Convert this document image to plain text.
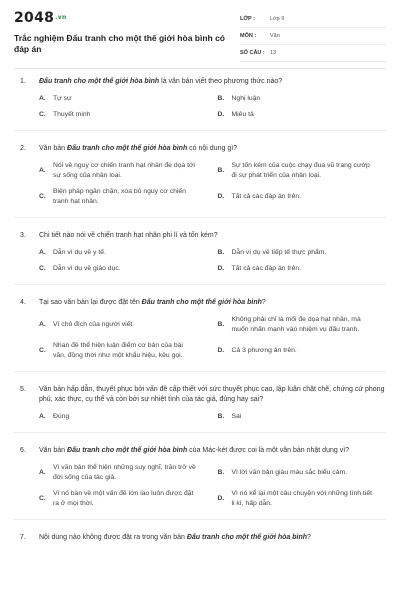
2048.vn
Trắc nghiệm Đấu tranh cho một thế giới hòa bình có đáp án
LỚP :	Lớp 9
MÔN :	Văn
SỐ CÂU : 13
1.	Đấu tranh cho một thế giới hòa bình là văn bản viết theo phương thức nào?
A.	Tự sự	B.	Nghị luận
C.	Thuyết minh	D.	Miêu tả
2.	Văn bản Đấu tranh cho một thế giới hòa bình có nội dung gì?
A.
Nói về nguy cơ chiến tranh hạt nhân đe dọa tới sự sống của nhân loại.
B.
Sự tốn kém của cuộc chạy đua vũ trang cướp đi sự phát triển của nhân loại.
C.
Biện pháp ngăn chặn, xóa bỏ nguy cơ chiến tranh hạt nhân.
D.	Tất cả các đáp án trên.
3.	Chi tiết nào nói về chiến tranh hạt nhân phi lí và tốn kém?
A.	Dẫn ví dụ về y tế.	B.	Dẫn ví dụ về tiếp tế thực phẩm.
C.	Dẫn ví dụ về giáo dục.	D.	Tất cả các đáp án trên.
4.	Tại sao văn bản lại được đặt tên Đấu tranh cho một thế giới hòa bình?
A.	Vì chủ đích của người viết.	B.
Không phải chỉ là mối đe dọa hạt nhân, mà muốn nhấn mạnh vào nhiệm vụ đấu tranh.
C.
Nhan đề thể hiện luận điểm cơ bản của bài văn, đồng thời như một khẩu hiệu, kêu gọi.
D.	Cả 3 phương án trên.
5.	Văn bản hấp dẫn, thuyết phục bởi vấn đề cấp thiết với sức thuyết phục cao, lập luận chặt chẽ, chứng cứ phong phú, xác thực, cụ thể và còn bởi sự nhiệt tình của tác giả, đúng hay sai?
A.	Đúng	B.	Sai
6.	Văn bản Đấu tranh cho một thế giới hòa bình của Mác-két được coi là một văn bản nhật dụng vì?
A.
Vì văn bản thể hiện những suy nghĩ, trăn trở về đời sống của tác giả.
B.	Vì lời văn bản giàu màu sắc biểu cảm.
C.
Vì nó bàn về một vấn đề lớn lao luôn được đặt ra ở mọi thời.
D.
Vì nó kể lại một câu chuyện với những tình tiết li kì, hấp dẫn.
7.	Nội dung nào không được đặt ra trong văn bản Đấu tranh cho một thế giới hòa bình?
